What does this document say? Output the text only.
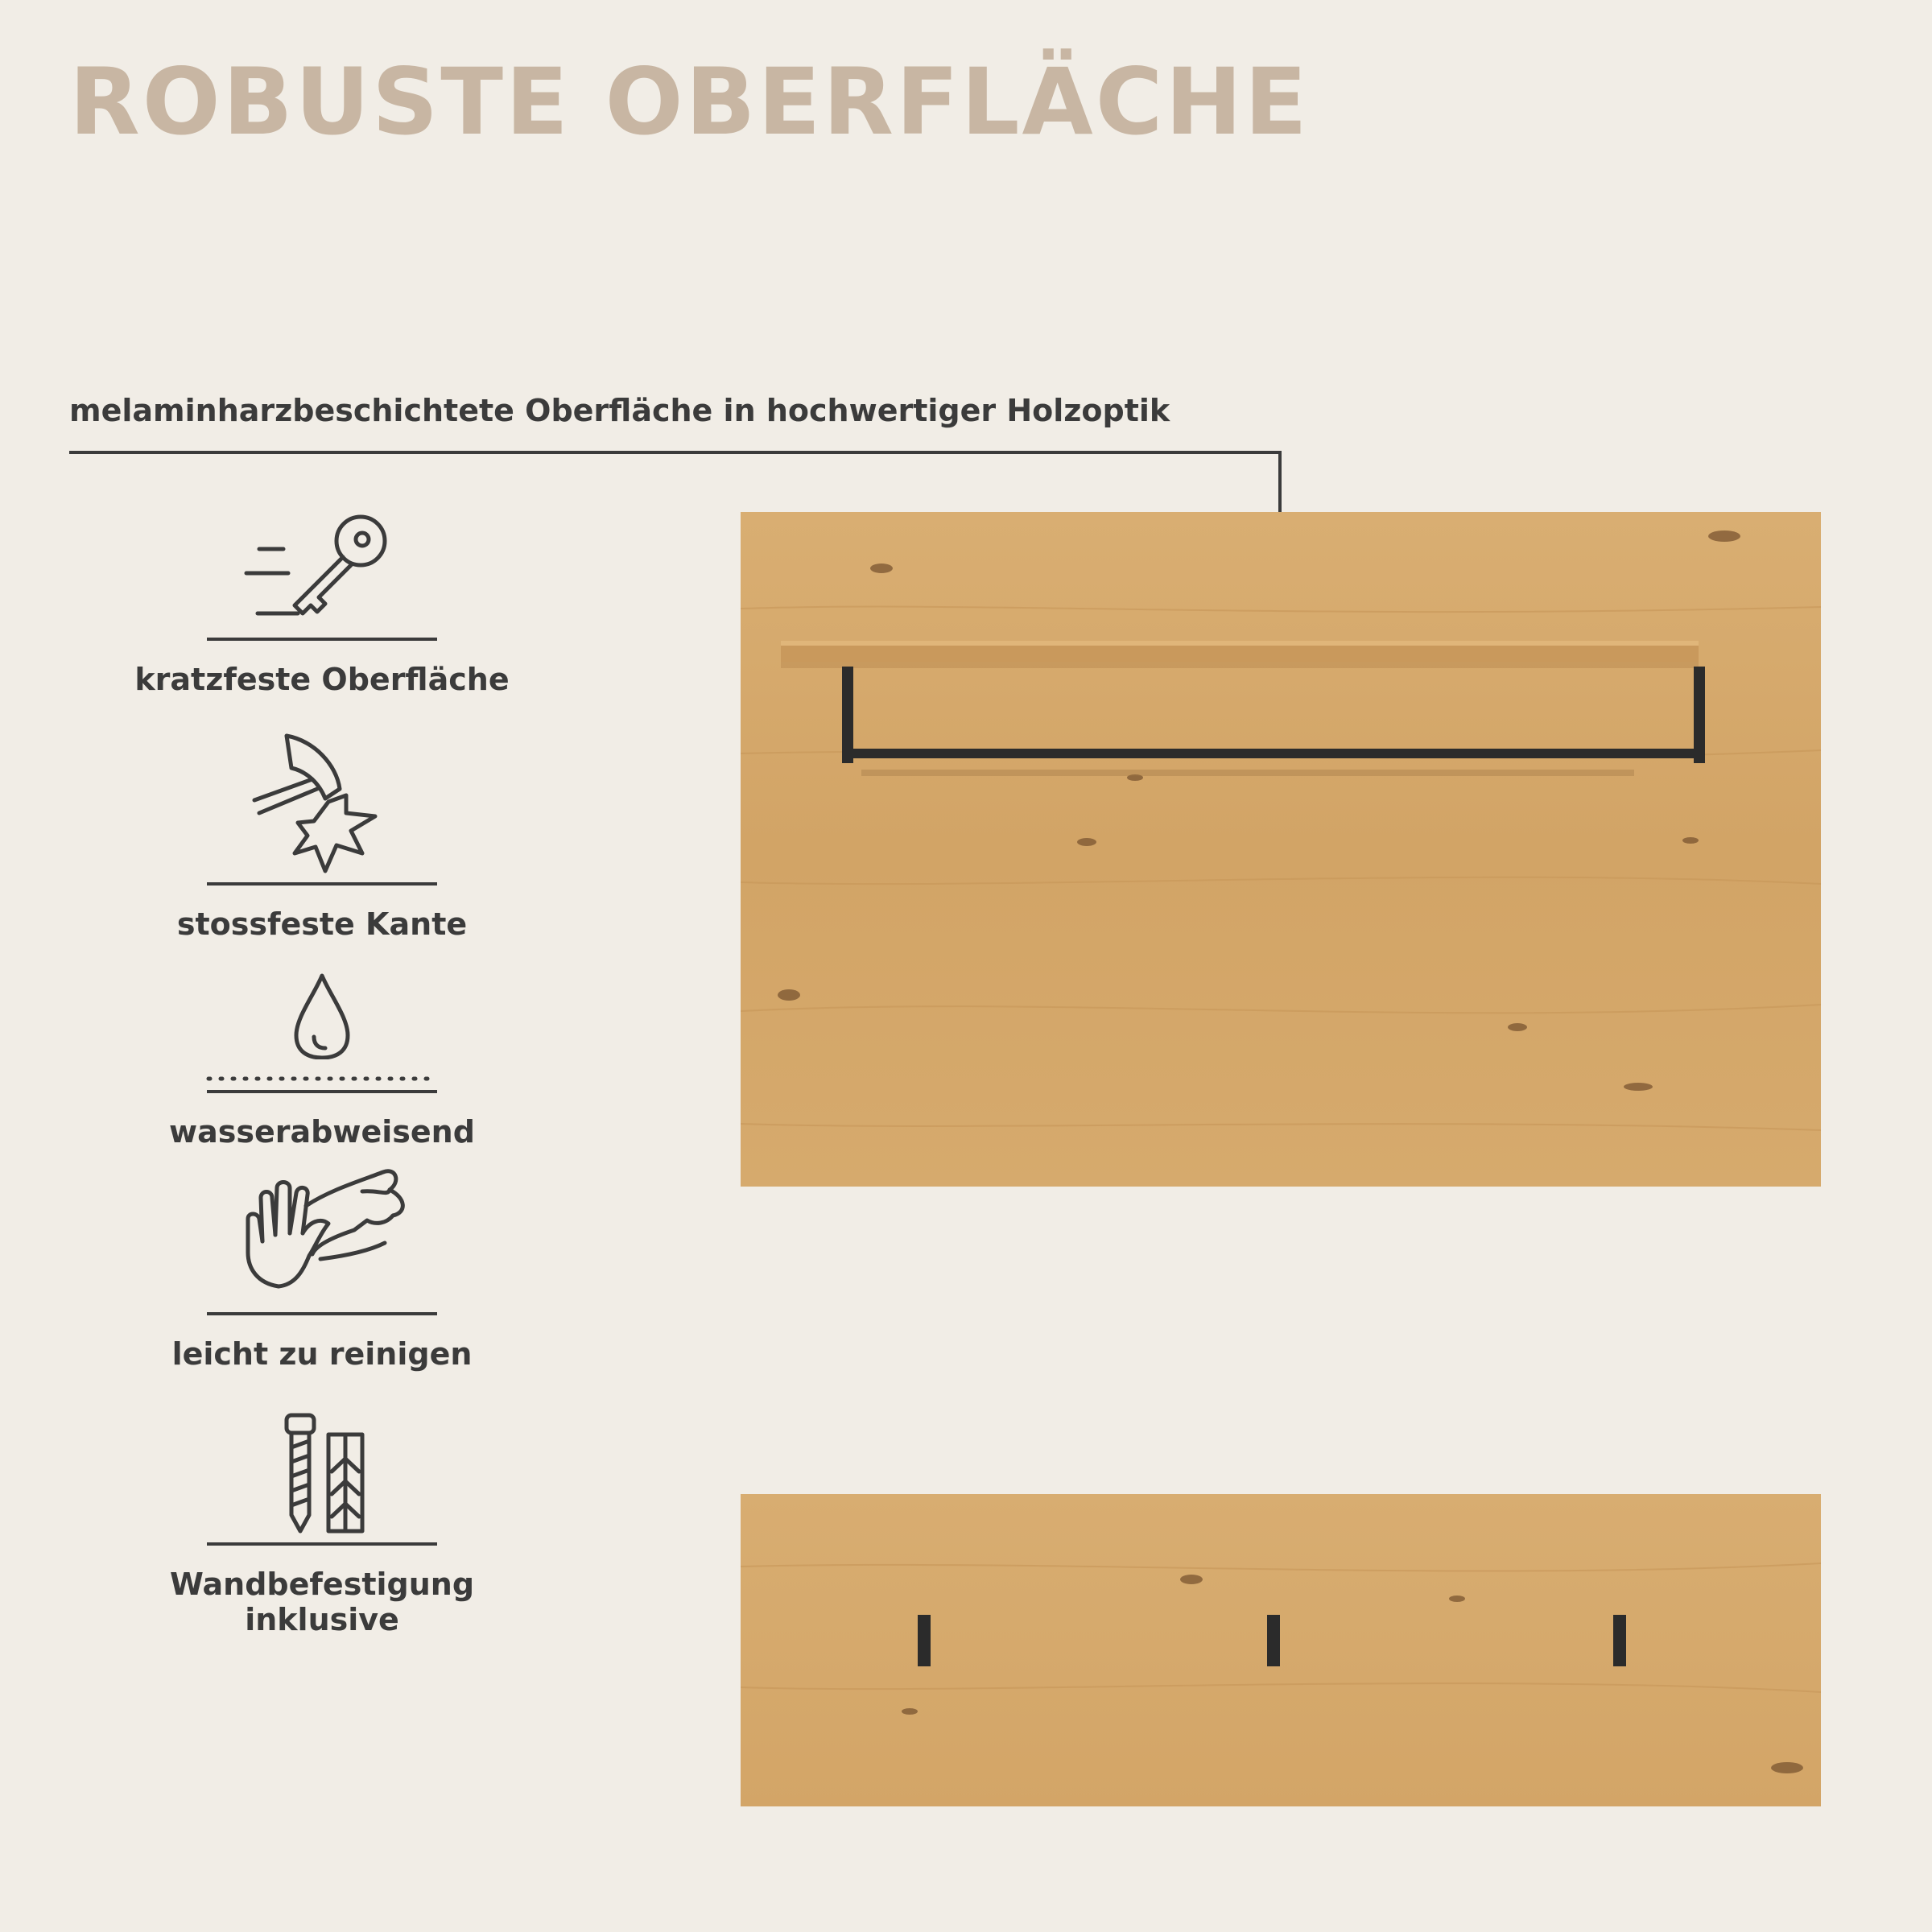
ROBUSTE OBERFLÄCHE
melaminharzbeschichtete Oberfläche in hochwertiger Holzoptik
kratzfeste Oberfläche
stossfeste Kante
wasserabweisend
leicht zu reinigen
Wandbefestigung
inklusive
